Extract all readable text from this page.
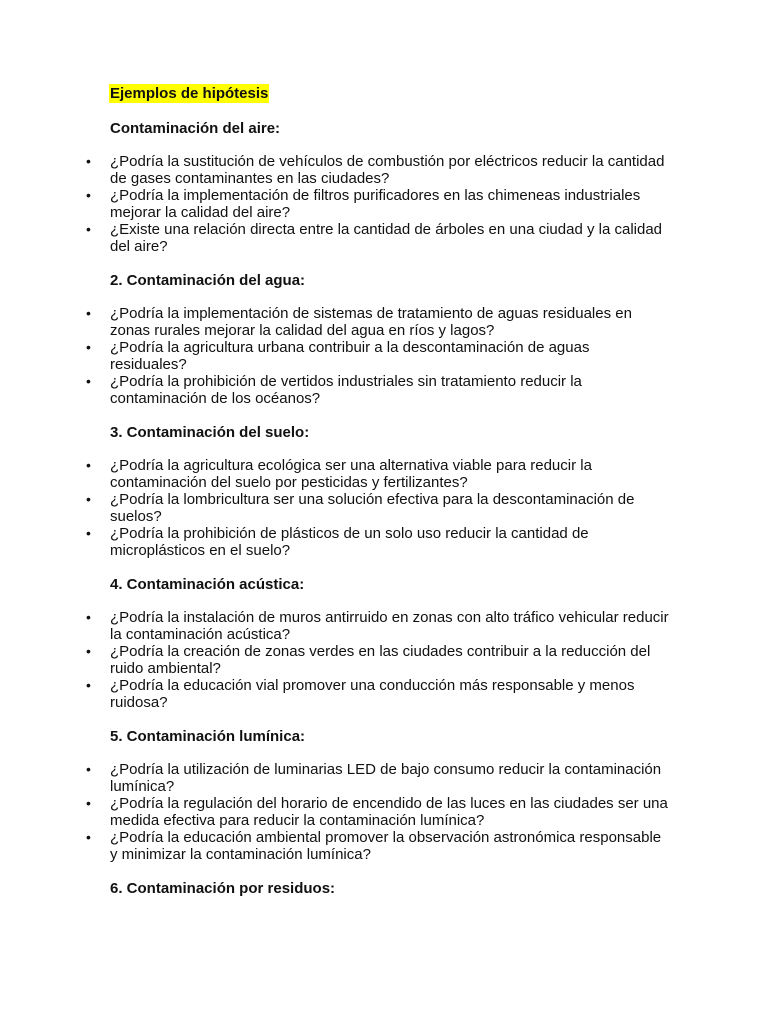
Ejemplos de hipótesis
Contaminación del aire:
• ¿Podría la sustitución de vehículos de combustión por eléctricos reducir la cantidad de gases contaminantes en las ciudades?
• ¿Podría la implementación de filtros purificadores en las chimeneas industriales mejorar la calidad del aire?
• ¿Existe una relación directa entre la cantidad de árboles en una ciudad y la calidad del aire?
2. Contaminación del agua:
• ¿Podría la implementación de sistemas de tratamiento de aguas residuales en zonas rurales mejorar la calidad del agua en ríos y lagos?
• ¿Podría la agricultura urbana contribuir a la descontaminación de aguas residuales?
• ¿Podría la prohibición de vertidos industriales sin tratamiento reducir la contaminación de los océanos?
3. Contaminación del suelo:
• ¿Podría la agricultura ecológica ser una alternativa viable para reducir la contaminación del suelo por pesticidas y fertilizantes?
• ¿Podría la lombricultura ser una solución efectiva para la descontaminación de suelos?
• ¿Podría la prohibición de plásticos de un solo uso reducir la cantidad de microplásticos en el suelo?
4. Contaminación acústica:
• ¿Podría la instalación de muros antirruido en zonas con alto tráfico vehicular reducir la contaminación acústica?
• ¿Podría la creación de zonas verdes en las ciudades contribuir a la reducción del ruido ambiental?
• ¿Podría la educación vial promover una conducción más responsable y menos ruidosa?
5. Contaminación lumínica:
• ¿Podría la utilización de luminarias LED de bajo consumo reducir la contaminación lumínica?
• ¿Podría la regulación del horario de encendido de las luces en las ciudades ser una medida efectiva para reducir la contaminación lumínica?
• ¿Podría la educación ambiental promover la observación astronómica responsable y minimizar la contaminación lumínica?
6. Contaminación por residuos:
